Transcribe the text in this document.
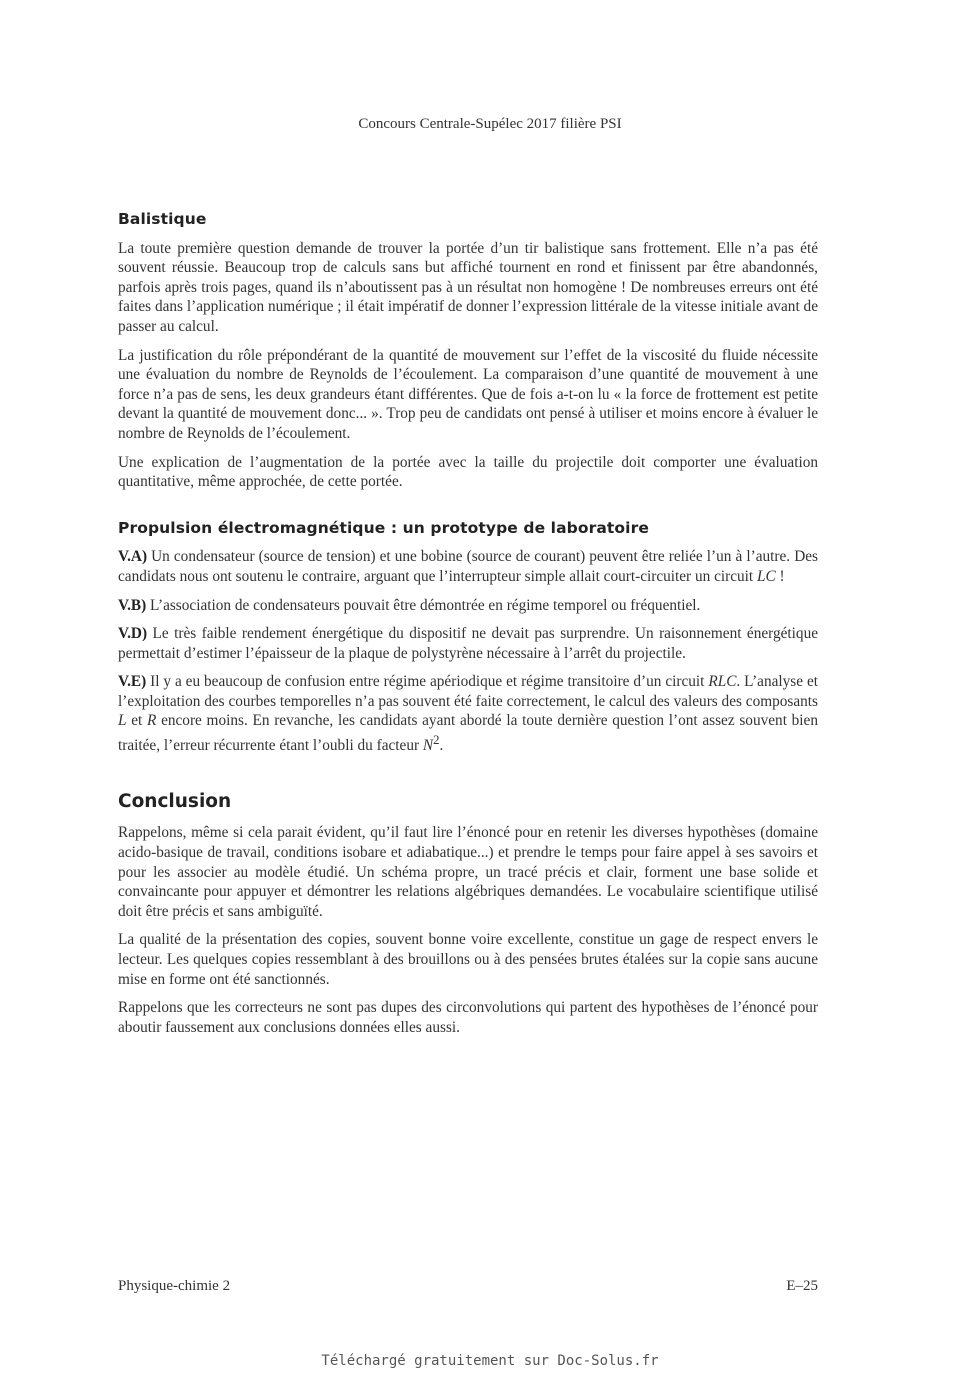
Concours Centrale-Supélec 2017 filière PSI
Balistique

La toute première question demande de trouver la portée d’un tir balistique sans frottement. Elle n’a pas été souvent réussie. Beaucoup trop de calculs sans but affiché tournent en rond et finissent par être abandonnés, parfois après trois pages, quand ils n’aboutissent pas à un résultat non homogène ! De nombreuses erreurs ont été faites dans l’application numérique ; il était impératif de donner l’expression littérale de la vitesse initiale avant de passer au calcul.

La justification du rôle prépondérant de la quantité de mouvement sur l’effet de la viscosité du fluide nécessite une évaluation du nombre de Reynolds de l’écoulement. La comparaison d’une quantité de mouvement à une force n’a pas de sens, les deux grandeurs étant différentes. Que de fois a-t-on lu « la force de frottement est petite devant la quantité de mouvement donc... ». Trop peu de candidats ont pensé à utiliser et moins encore à évaluer le nombre de Reynolds de l’écoulement.

Une explication de l’augmentation de la portée avec la taille du projectile doit comporter une évaluation quantitative, même approchée, de cette portée.

Propulsion électromagnétique : un prototype de laboratoire

V.A) Un condensateur (source de tension) et une bobine (source de courant) peuvent être reliée l’un à l’autre. Des candidats nous ont soutenu le contraire, arguant que l’interrupteur simple allait court-circuiter un circuit LC !

V.B) L’association de condensateurs pouvait être démontrée en régime temporel ou fréquentiel.

V.D) Le très faible rendement énergétique du dispositif ne devait pas surprendre. Un raisonnement énergétique permettait d’estimer l’épaisseur de la plaque de polystyrène nécessaire à l’arrêt du projectile.

V.E) Il y a eu beaucoup de confusion entre régime apériodique et régime transitoire d’un circuit RLC. L’analyse et l’exploitation des courbes temporelles n’a pas souvent été faite correctement, le calcul des valeurs des composants L et R encore moins. En revanche, les candidats ayant abordé la toute dernière question l’ont assez souvent bien traitée, l’erreur récurrente étant l’oubli du facteur $N^2$.

Conclusion

Rappelons, même si cela parait évident, qu’il faut lire l’énoncé pour en retenir les diverses hypothèses (domaine acido-basique de travail, conditions isobare et adiabatique...) et prendre le temps pour faire appel à ses savoirs et pour les associer au modèle étudié. Un schéma propre, un tracé précis et clair, forment une base solide et convaincante pour appuyer et démontrer les relations algébriques demandées. Le vocabulaire scientifique utilisé doit être précis et sans ambiguïté.

La qualité de la présentation des copies, souvent bonne voire excellente, constitue un gage de respect envers le lecteur. Les quelques copies ressemblant à des brouillons ou à des pensées brutes étalées sur la copie sans aucune mise en forme ont été sanctionnés.

Rappelons que les correcteurs ne sont pas dupes des circonvolutions qui partent des hypothèses de l’énoncé pour aboutir faussement aux conclusions données elles aussi.

Physique-chimie 2	E–25
Téléchargé gratuitement sur Doc-Solus.fr
